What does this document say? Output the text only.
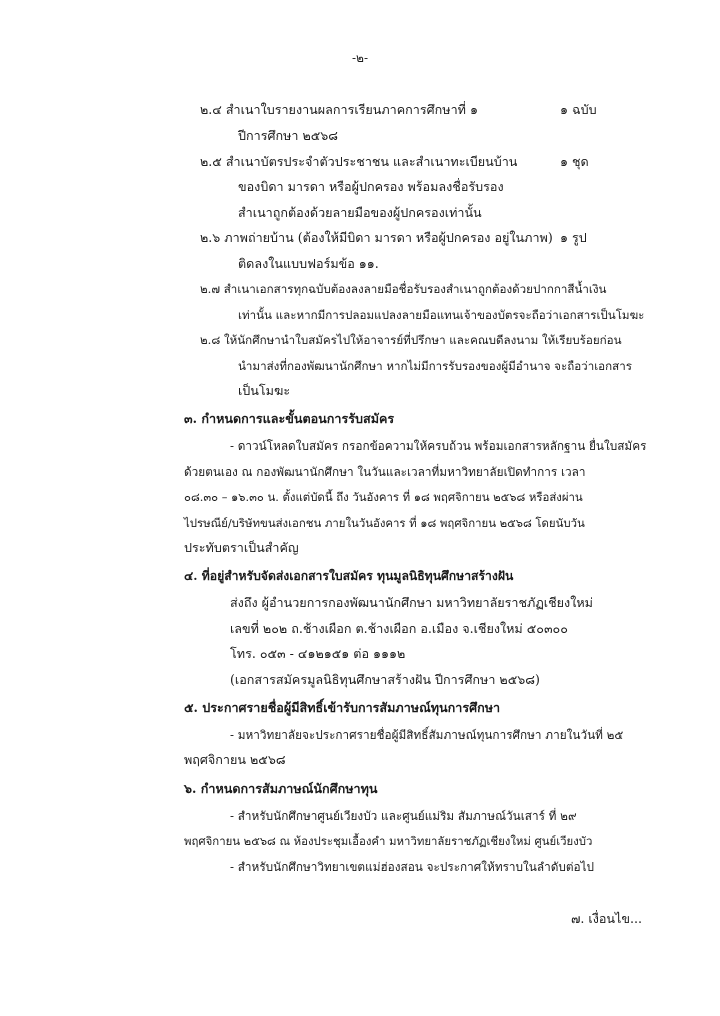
-๒-
๒.๔ สำเนาใบรายงานผลการเรียนภาคการศึกษาที่ ๑	๑ ฉบับ
ปีการศึกษา ๒๕๖๘
๒.๕ สำเนาบัตรประจำตัวประชาชน และสำเนาทะเบียนบ้าน	๑ ชุด
ของบิดา มารดา หรือผู้ปกครอง พร้อมลงชื่อรับรอง
สำเนาถูกต้องด้วยลายมือของผู้ปกครองเท่านั้น
๒.๖ ภาพถ่ายบ้าน (ต้องให้มีบิดา มารดา หรือผู้ปกครอง อยู่ในภาพ) ๑ รูป
ติดลงในแบบฟอร์มข้อ ๑๑.
๒.๗ สำเนาเอกสารทุกฉบับต้องลงลายมือชื่อรับรองสำเนาถูกต้องด้วยปากกาสีน้ำเงิน
เท่านั้น และหากมีการปลอมแปลงลายมือแทนเจ้าของบัตรจะถือว่าเอกสารเป็นโมฆะ
๒.๘ ให้นักศึกษานำใบสมัครไปให้อาจารย์ที่ปรึกษา และคณบดีลงนาม ให้เรียบร้อยก่อน
นำมาส่งที่กองพัฒนานักศึกษา หากไม่มีการรับรองของผู้มีอำนาจ จะถือว่าเอกสาร
เป็นโมฆะ
๓. กำหนดการและขั้นตอนการรับสมัคร
- ดาวน์โหลดใบสมัคร กรอกข้อความให้ครบถ้วน พร้อมเอกสารหลักฐาน ยื่นใบสมัคร
ด้วยตนเอง ณ กองพัฒนานักศึกษา ในวันและเวลาที่มหาวิทยาลัยเปิดทำการ เวลา
๐๘.๓๐ – ๑๖.๓๐ น. ตั้งแต่บัดนี้ ถึง วันอังคาร ที่ ๑๘ พฤศจิกายน ๒๕๖๘ หรือส่งผ่าน
ไปรษณีย์/บริษัทขนส่งเอกชน ภายในวันอังคาร ที่ ๑๘ พฤศจิกายน ๒๕๖๘ โดยนับวัน
ประทับตราเป็นสำคัญ
๔. ที่อยู่สำหรับจัดส่งเอกสารใบสมัคร ทุนมูลนิธิทุนศึกษาสร้างฝัน
ส่งถึง ผู้อำนวยการกองพัฒนานักศึกษา มหาวิทยาลัยราชภัฏเชียงใหม่
เลขที่ ๒๐๒ ถ.ช้างเผือก ต.ช้างเผือก อ.เมือง จ.เชียงใหม่ ๕๐๓๐๐
โทร. ๐๕๓ - ๔๑๒๑๕๑ ต่อ ๑๑๑๒
(เอกสารสมัครมูลนิธิทุนศึกษาสร้างฝัน ปีการศึกษา ๒๕๖๘)
๕. ประกาศรายชื่อผู้มีสิทธิ์เข้ารับการสัมภาษณ์ทุนการศึกษา
- มหาวิทยาลัยจะประกาศรายชื่อผู้มีสิทธิ์สัมภาษณ์ทุนการศึกษา ภายในวันที่ ๒๕
พฤศจิกายน ๒๕๖๘
๖. กำหนดการสัมภาษณ์นักศึกษาทุน
- สำหรับนักศึกษาศูนย์เวียงบัว และศูนย์แม่ริม สัมภาษณ์วันเสาร์ ที่ ๒๙
พฤศจิกายน ๒๕๖๘ ณ ห้องประชุมเอื้องคำ มหาวิทยาลัยราชภัฏเชียงใหม่ ศูนย์เวียงบัว
- สำหรับนักศึกษาวิทยาเขตแม่ฮ่องสอน จะประกาศให้ทราบในลำดับต่อไป
๗. เงื่อนไข...
